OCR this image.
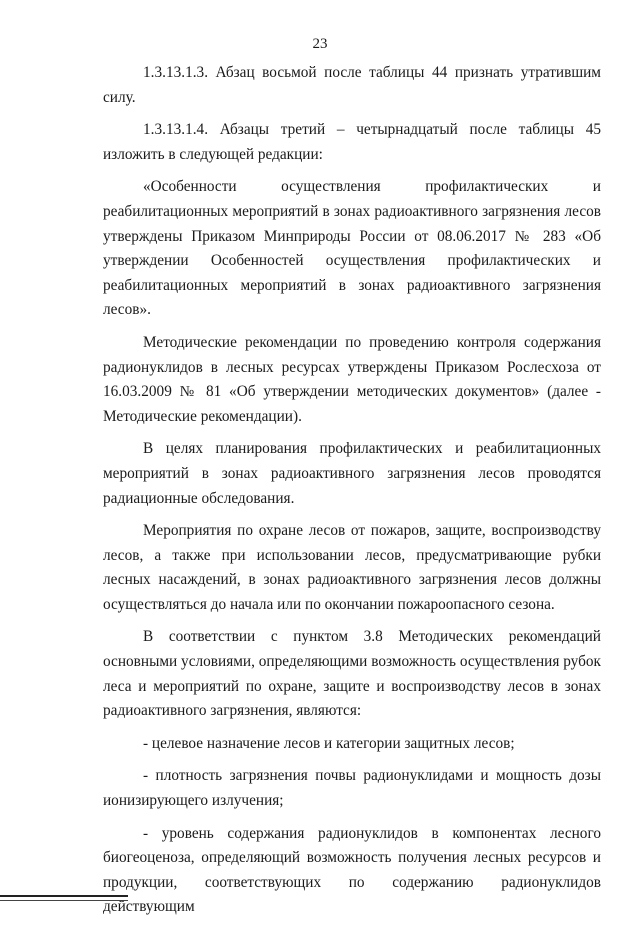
23

1.3.13.1.3. Абзац восьмой после таблицы 44 признать утратившим силу.

1.3.13.1.4. Абзацы третий – четырнадцатый после таблицы 45 изложить в следующей редакции:

«Особенности осуществления профилактических и реабилитационных мероприятий в зонах радиоактивного загрязнения лесов утверждены Приказом Минприроды России от 08.06.2017 № 283 «Об утверждении Особенностей осуществления профилактических и реабилитационных мероприятий в зонах радиоактивного загрязнения лесов».

Методические рекомендации по проведению контроля содержания радионуклидов в лесных ресурсах утверждены Приказом Рослесхоза от 16.03.2009 № 81 «Об утверждении методических документов» (далее - Методические рекомендации).

В целях планирования профилактических и реабилитационных мероприятий в зонах радиоактивного загрязнения лесов проводятся радиационные обследования.

Мероприятия по охране лесов от пожаров, защите, воспроизводству лесов, а также при использовании лесов, предусматривающие рубки лесных насаждений, в зонах радиоактивного загрязнения лесов должны осуществляться до начала или по окончании пожароопасного сезона.

В соответствии с пунктом 3.8 Методических рекомендаций основными условиями, определяющими возможность осуществления рубок леса и мероприятий по охране, защите и воспроизводству лесов в зонах радиоактивного загрязнения, являются:

- целевое назначение лесов и категории защитных лесов;

- плотность загрязнения почвы радионуклидами и мощность дозы ионизирующего излучения;

- уровень содержания радионуклидов в компонентах лесного биогеоценоза, определяющий возможность получения лесных ресурсов и продукции, соответствующих по содержанию радионуклидов действующим
